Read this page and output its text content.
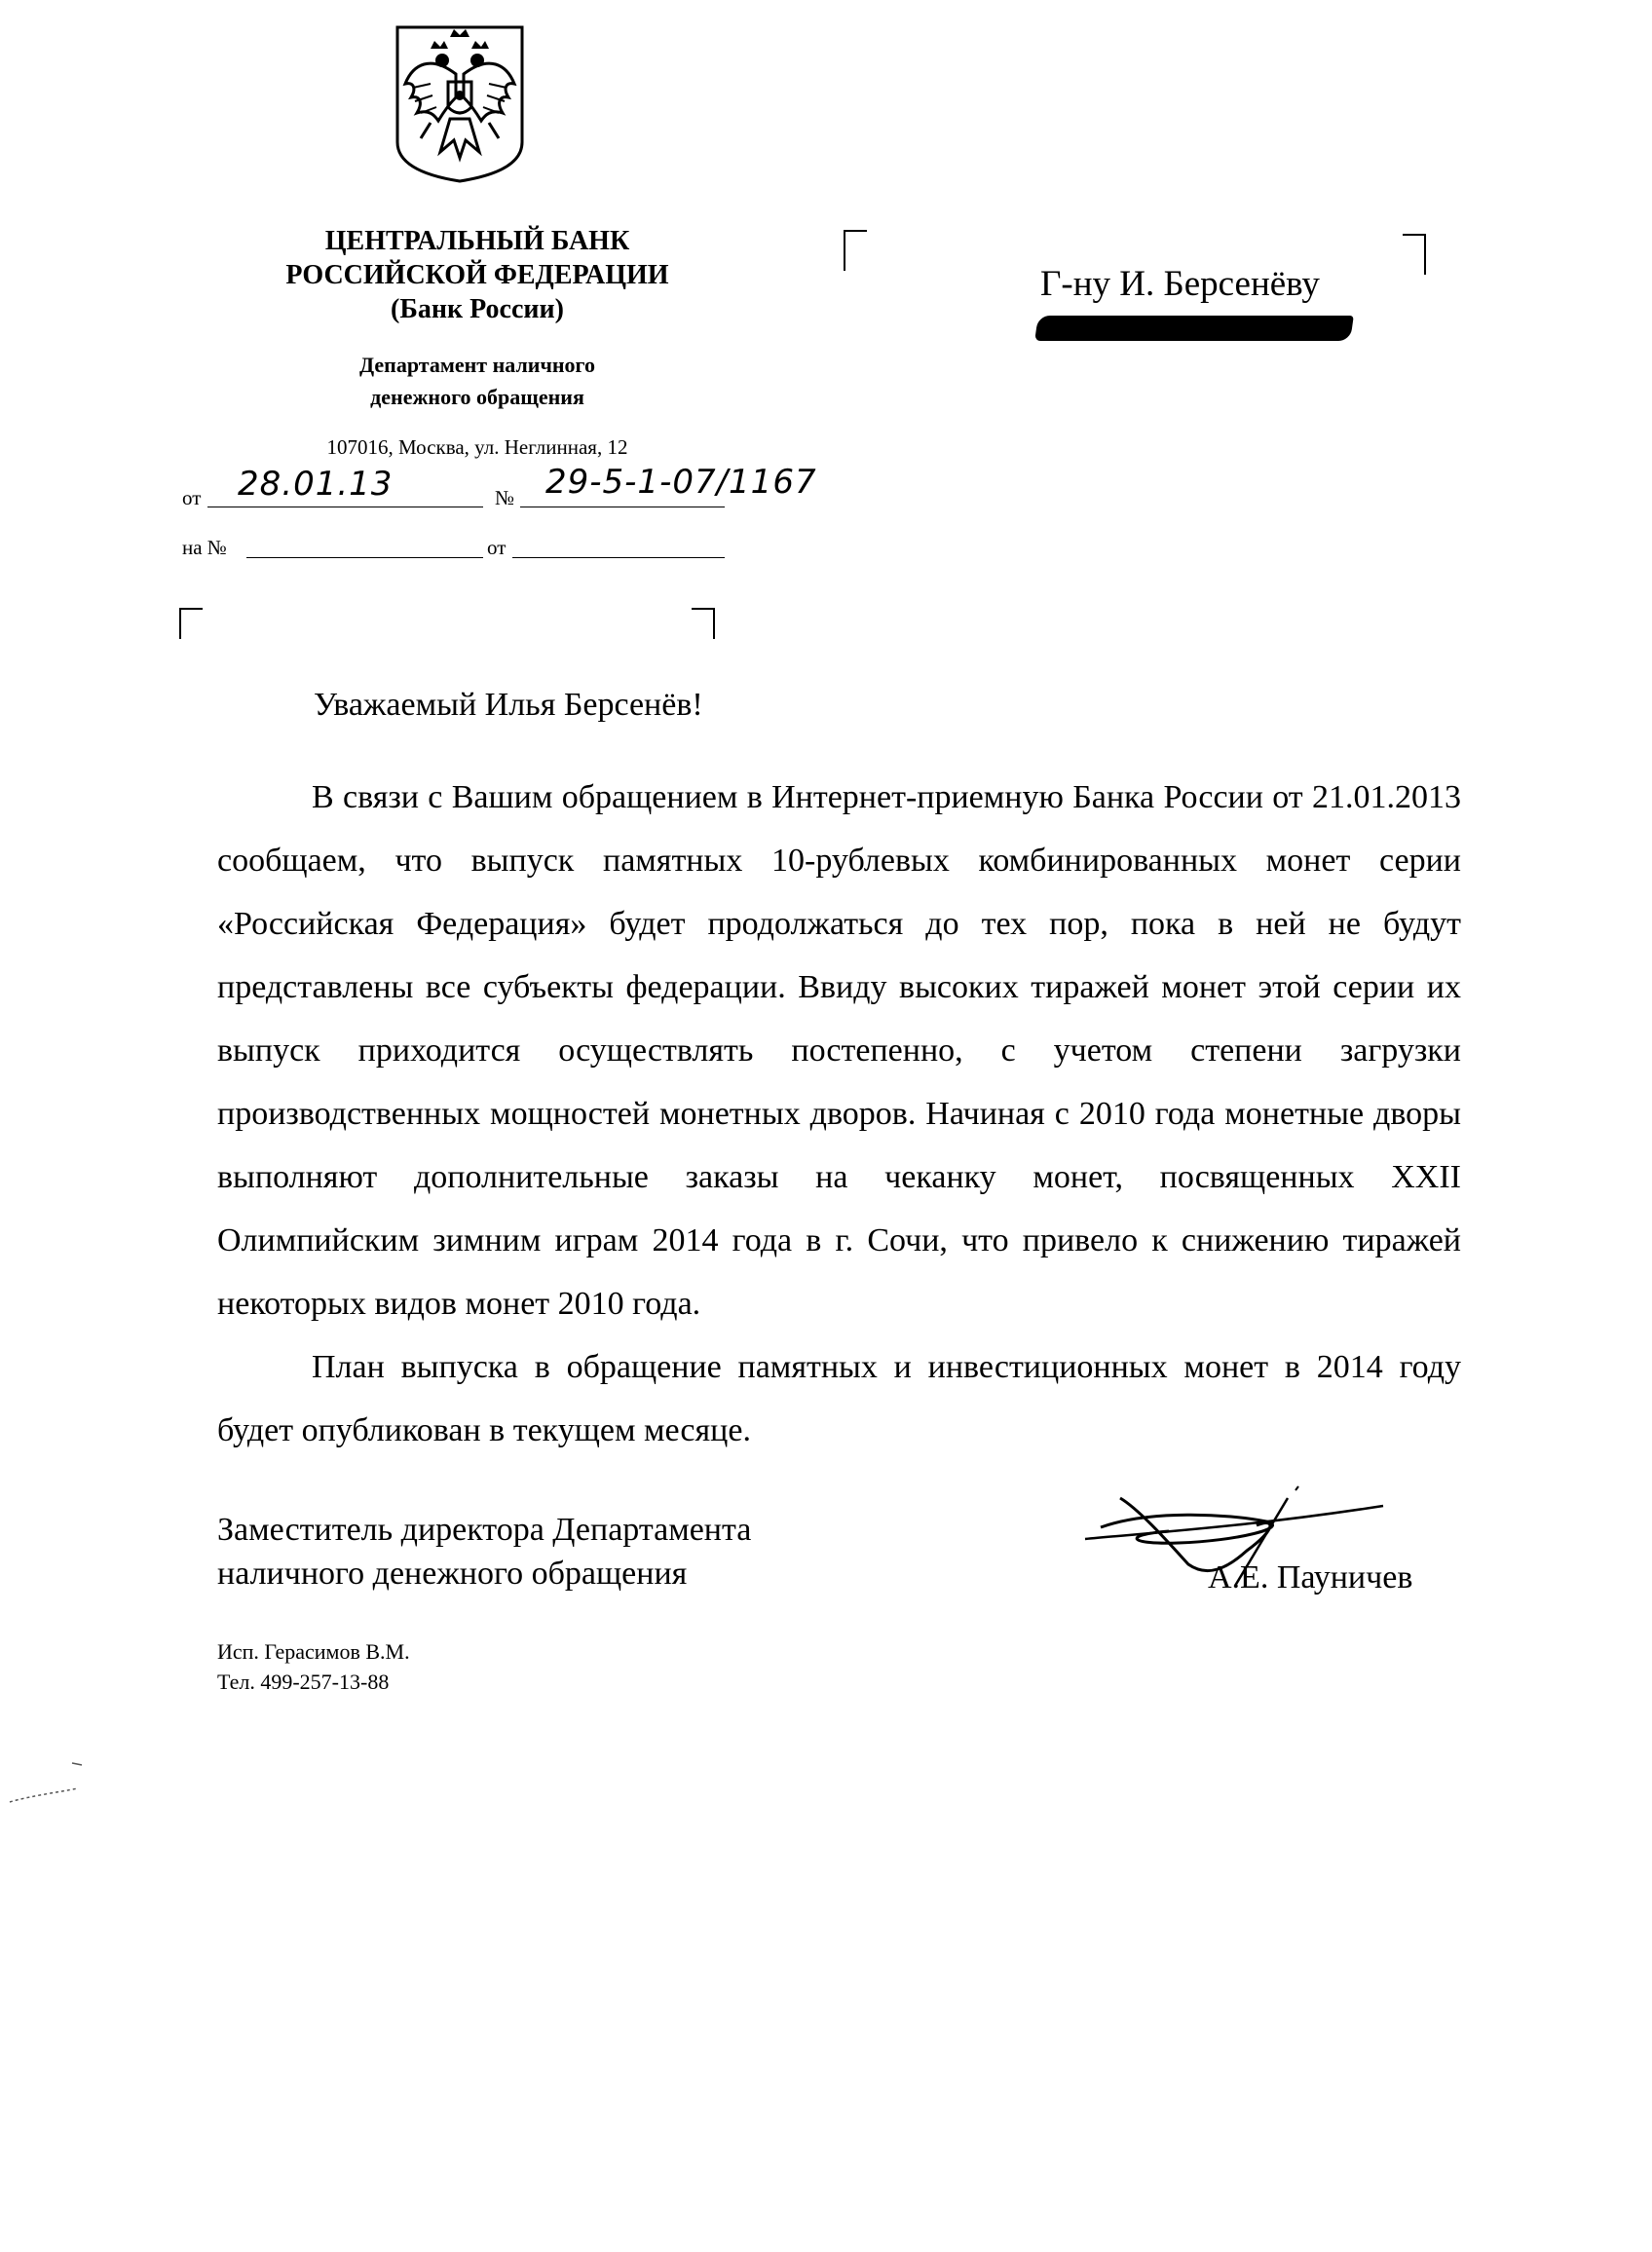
ЦЕНТРАЛЬНЫЙ БАНК
РОССИЙСКОЙ ФЕДЕРАЦИИ
(Банк России)
Департамент наличного
денежного обращения
107016, Москва, ул. Неглинная, 12
от 28.01.13	№ 29-5-1-07/1167
на №	от
Г-ну И. Берсенёву
Уважаемый Илья Берсенёв!

В связи с Вашим обращением в Интернет-приемную Банка России от 21.01.2013 сообщаем, что выпуск памятных 10-рублевых комбинированных монет серии «Российская Федерация» будет продолжаться до тех пор, пока в ней не будут представлены все субъекты федерации. Ввиду высоких тиражей монет этой серии их выпуск приходится осуществлять постепенно, с учетом степени загрузки производственных мощностей монетных дворов. Начиная с 2010 года монетные дворы выполняют дополнительные заказы на чеканку монет, посвященных XXII Олимпийским зимним играм 2014 года в г. Сочи, что привело к снижению тиражей некоторых видов монет 2010 года.

План выпуска в обращение памятных и инвестиционных монет в 2014 году будет опубликован в текущем месяце.

Заместитель директора Департамента
наличного денежного обращения	А.Е. Пауничев
Исп. Герасимов В.М.
Тел. 499-257-13-88
